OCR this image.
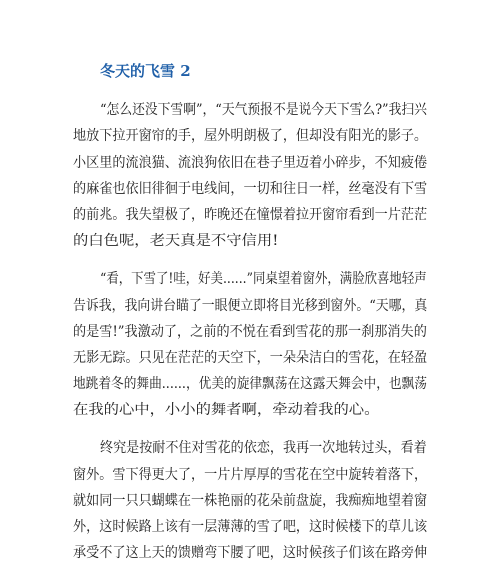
冬天的飞雪 2
“怎么还没下雪啊”，“天气预报不是说今天下雪么?”我扫兴
地放下拉开窗帘的手，屋外明朗极了，但却没有阳光的影子。
小区里的流浪猫、流浪狗依旧在巷子里迈着小碎步，不知疲倦
的麻雀也依旧徘徊于电线间，一切和往日一样，丝毫没有下雪
的前兆。我失望极了，昨晚还在憧憬着拉开窗帘看到一片茫茫
的白色呢，老天真是不守信用!
“看，下雪了!哇，好美......”同桌望着窗外，满脸欣喜地轻声
告诉我，我向讲台瞄了一眼便立即将目光移到窗外。“天哪，真
的是雪!”我激动了，之前的不悦在看到雪花的那一刹那消失的
无影无踪。只见在茫茫的天空下，一朵朵洁白的雪花，在轻盈
地跳着冬的舞曲......，优美的旋律飘荡在这露天舞会中，也飘荡
在我的心中，小小的舞者啊，牵动着我的心。
终究是按耐不住对雪花的依恋，我再一次地转过头，看着
窗外。雪下得更大了，一片片厚厚的雪花在空中旋转着落下，
就如同一只只蝴蝶在一株艳丽的花朵前盘旋，我痴痴地望着窗
外，这时候路上该有一层薄薄的雪了吧，这时候楼下的草儿该
承受不了这上天的馈赠弯下腰了吧，这时候孩子们该在路旁伸
